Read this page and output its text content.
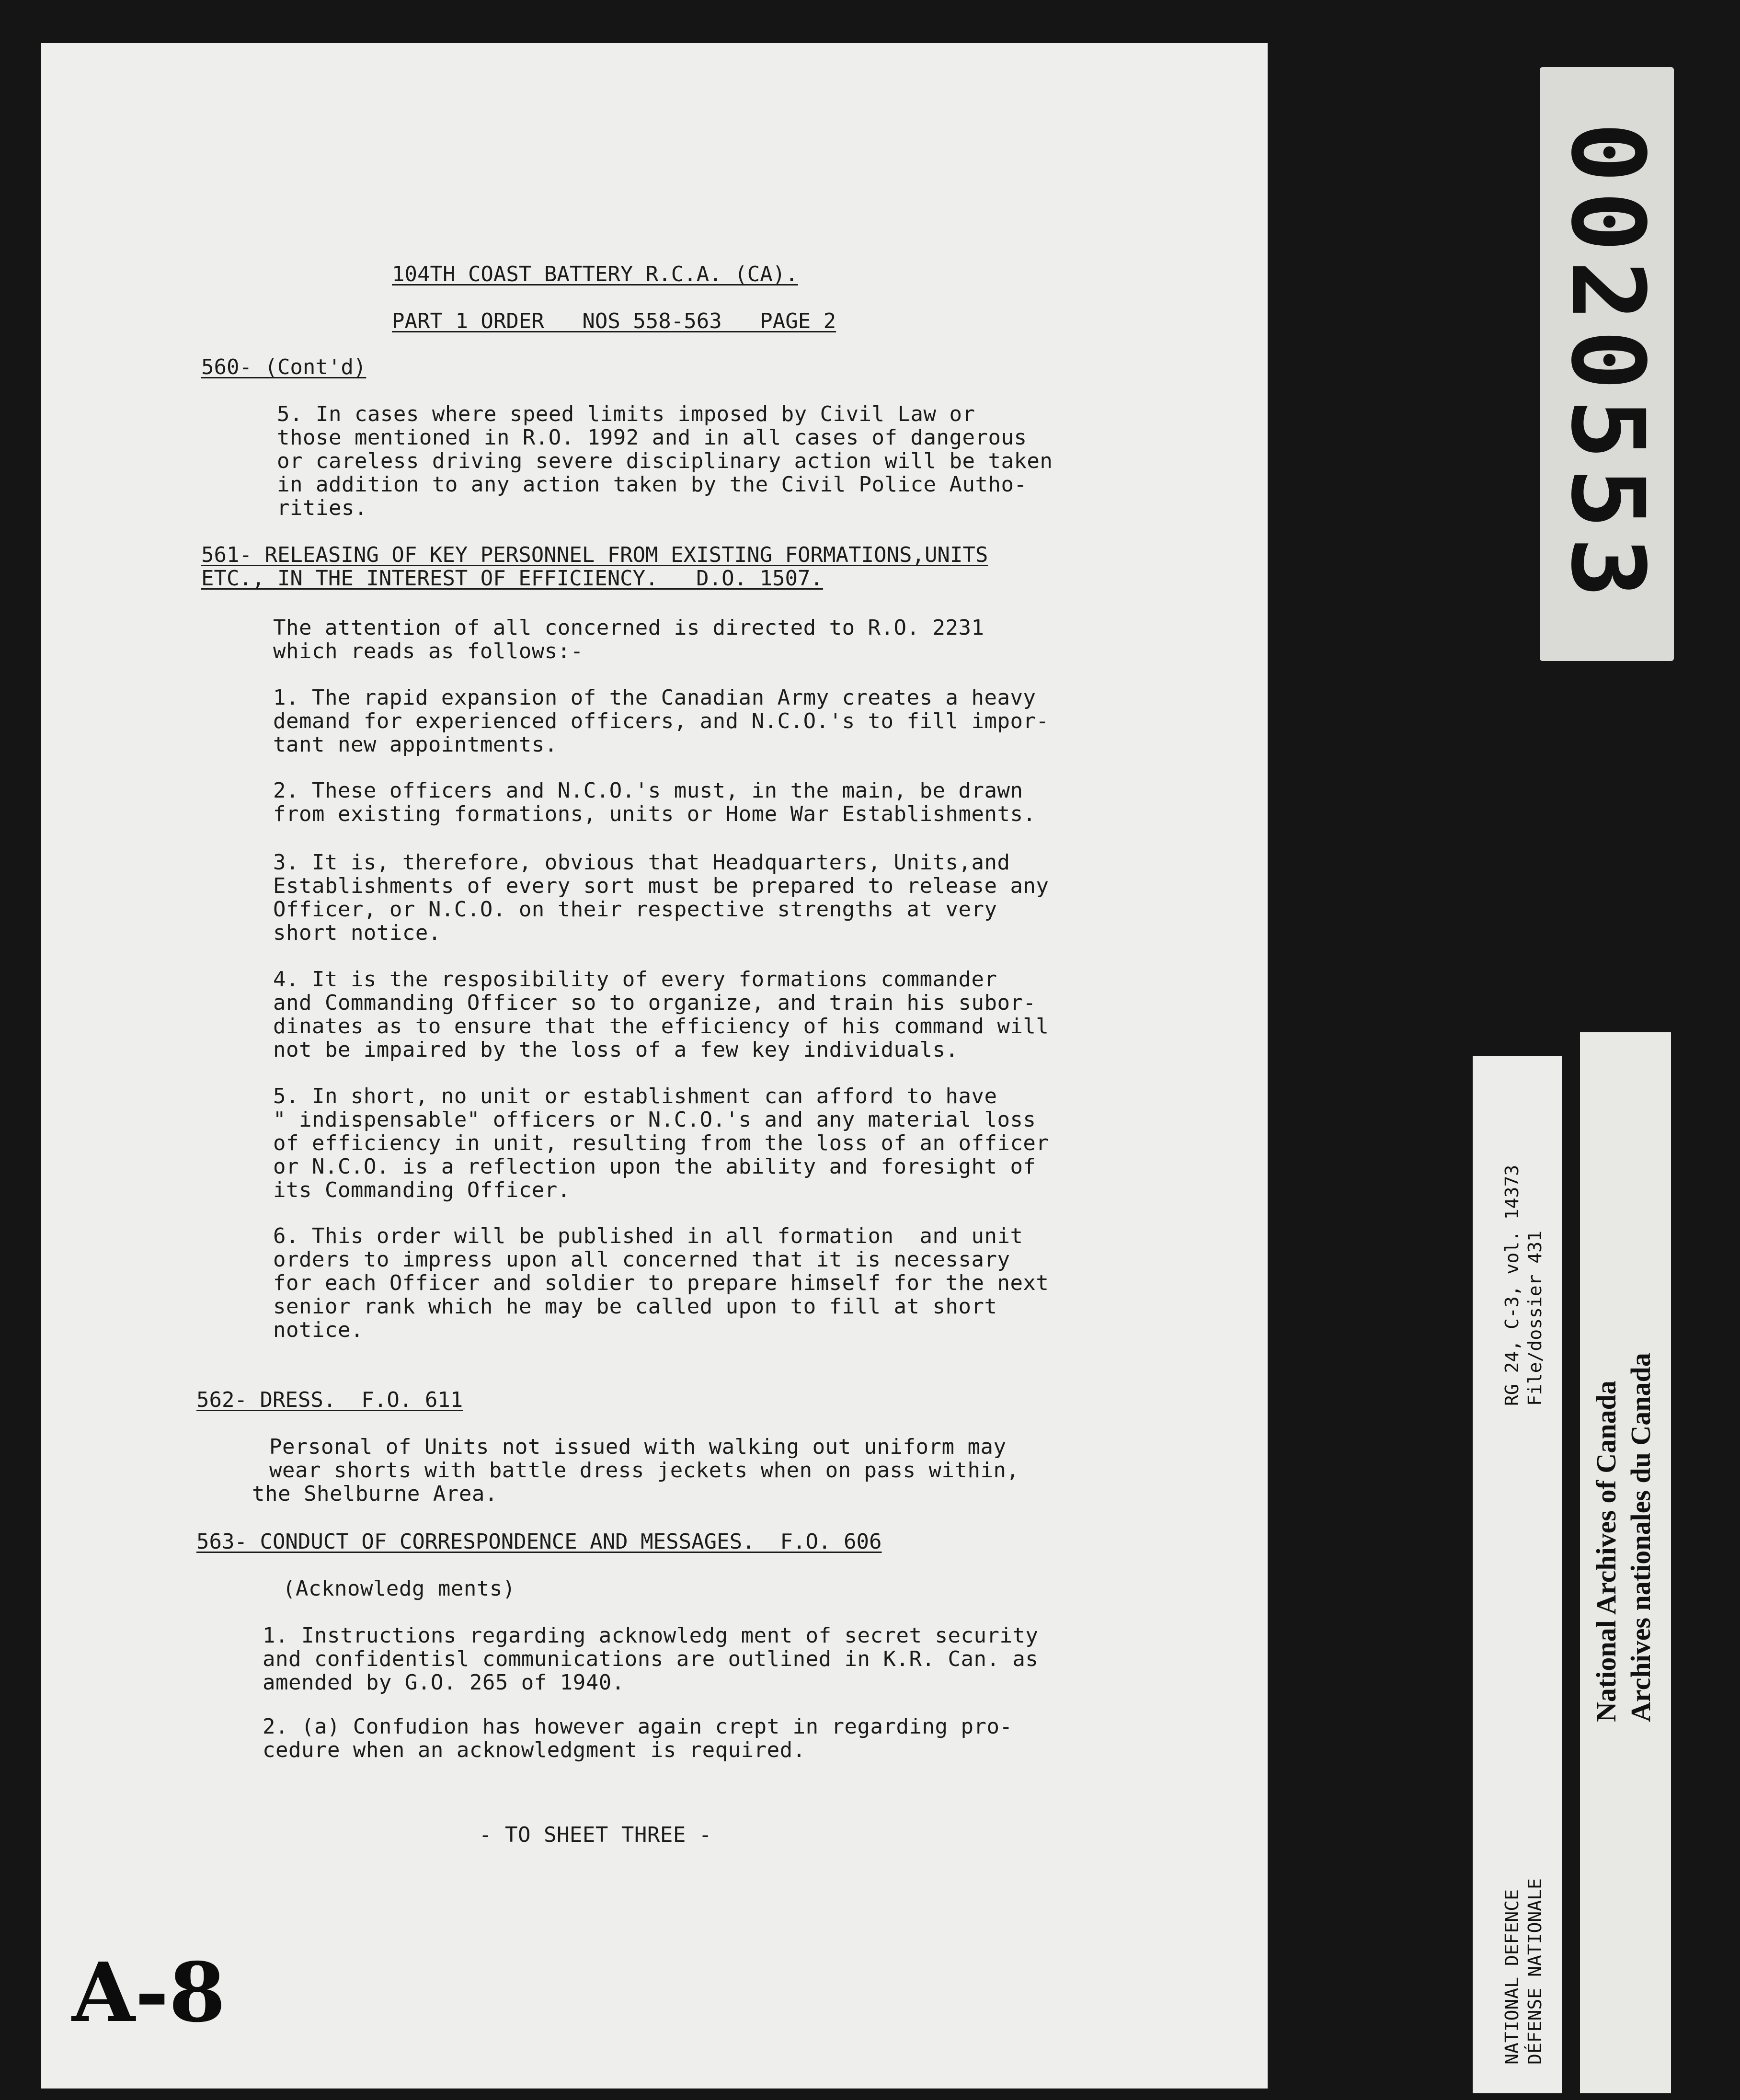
104TH COAST BATTERY R.C.A. (CA).
PART 1 ORDER   NOS 558-563   PAGE 2
560- (Cont'd)
5. In cases where speed limits imposed by Civil Law or
those mentioned in R.O. 1992 and in all cases of dangerous
or careless driving severe disciplinary action will be taken
in addition to any action taken by the Civil Police Autho-
rities.
561- RELEASING OF KEY PERSONNEL FROM EXISTING FORMATIONS,UNITS
ETC., IN THE INTEREST OF EFFICIENCY.   D.O. 1507.
The attention of all concerned is directed to R.O. 2231
which reads as follows:-
1. The rapid expansion of the Canadian Army creates a heavy
demand for experienced officers, and N.C.O.'s to fill impor-
tant new appointments.
2. These officers and N.C.O.'s must, in the main, be drawn
from existing formations, units or Home War Establishments.
3. It is, therefore, obvious that Headquarters, Units,and
Establishments of every sort must be prepared to release any
Officer, or N.C.O. on their respective strengths at very
short notice.
4. It is the resposibility of every formations commander
and Commanding Officer so to organize, and train his subor-
dinates as to ensure that the efficiency of his command will
not be impaired by the loss of a few key individuals.
5. In short, no unit or establishment can afford to have
" indispensable" officers or N.C.O.'s and any material loss
of efficiency in unit, resulting from the loss of an officer
or N.C.O. is a reflection upon the ability and foresight of
its Commanding Officer.
6. This order will be published in all formation  and unit
orders to impress upon all concerned that it is necessary
for each Officer and soldier to prepare himself for the next
senior rank which he may be called upon to fill at short
notice.
562- DRESS.  F.O. 611
Personal of Units not issued with walking out uniform may
wear shorts with battle dress jeckets when on pass within,
the Shelburne Area.
563- CONDUCT OF CORRESPONDENCE AND MESSAGES.  F.O. 606
(Acknowledg ments)
1. Instructions regarding acknowledg ment of secret security
and confidentisl communications are outlined in K.R. Can. as
amended by G.O. 265 of 1940.
2. (a) Confudion has however again crept in regarding pro-
cedure when an acknowledgment is required.
- TO SHEET THREE -
A-8
0020553
RG 24, C-3, vol. 14373 File/dossier 431
NATIONAL DEFENCE DÉFENSE NATIONALE
National Archives of Canada Archives nationales du Canada
